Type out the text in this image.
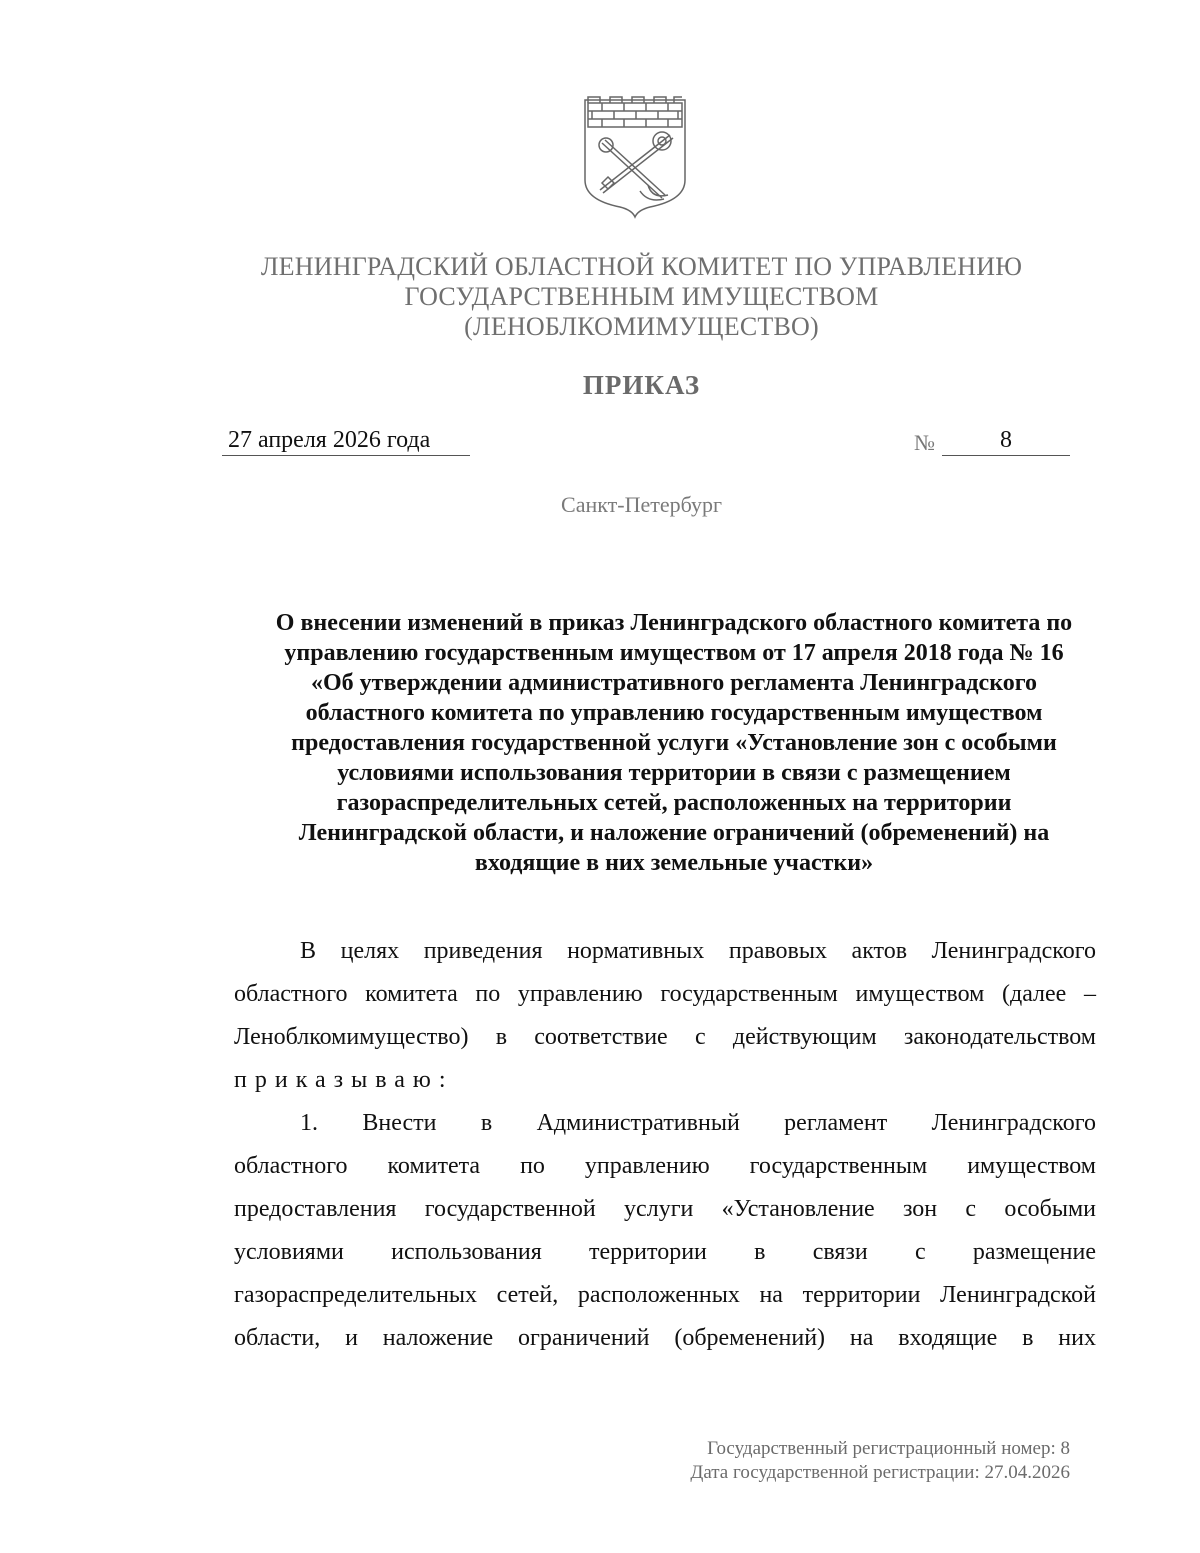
ЛЕНИНГРАДСКИЙ ОБЛАСТНОЙ КОМИТЕТ ПО УПРАВЛЕНИЮ
ГОСУДАРСТВЕННЫМ ИМУЩЕСТВОМ
(ЛЕНОБЛКОМИМУЩЕСТВО)
ПРИКАЗ
27 апреля 2026 года	№	8
Санкт-Петербург
О внесении изменений в приказ Ленинградского областного комитета по
управлению государственным имуществом от 17 апреля 2018 года № 16
«Об утверждении административного регламента Ленинградского
областного комитета по управлению государственным имуществом
предоставления государственной услуги «Установление зон с особыми
условиями использования территории в связи с размещением
газораспределительных сетей, расположенных на территории
Ленинградской области, и наложение ограничений (обременений) на
входящие в них земельные участки»
В целях приведения нормативных правовых актов Ленинградского
областного комитета по управлению государственным имуществом (далее –
Леноблкомимущество) в соответствие с действующим законодательством
приказываю:
1. Внести в Административный регламент Ленинградского
областного комитета по управлению государственным имуществом
предоставления государственной услуги «Установление зон с особыми
условиями использования территории в связи с размещение
газораспределительных сетей, расположенных на территории Ленинградской
области, и наложение ограничений (обременений) на входящие в них
Государственный регистрационный номер: 8
Дата государственной регистрации: 27.04.2026
